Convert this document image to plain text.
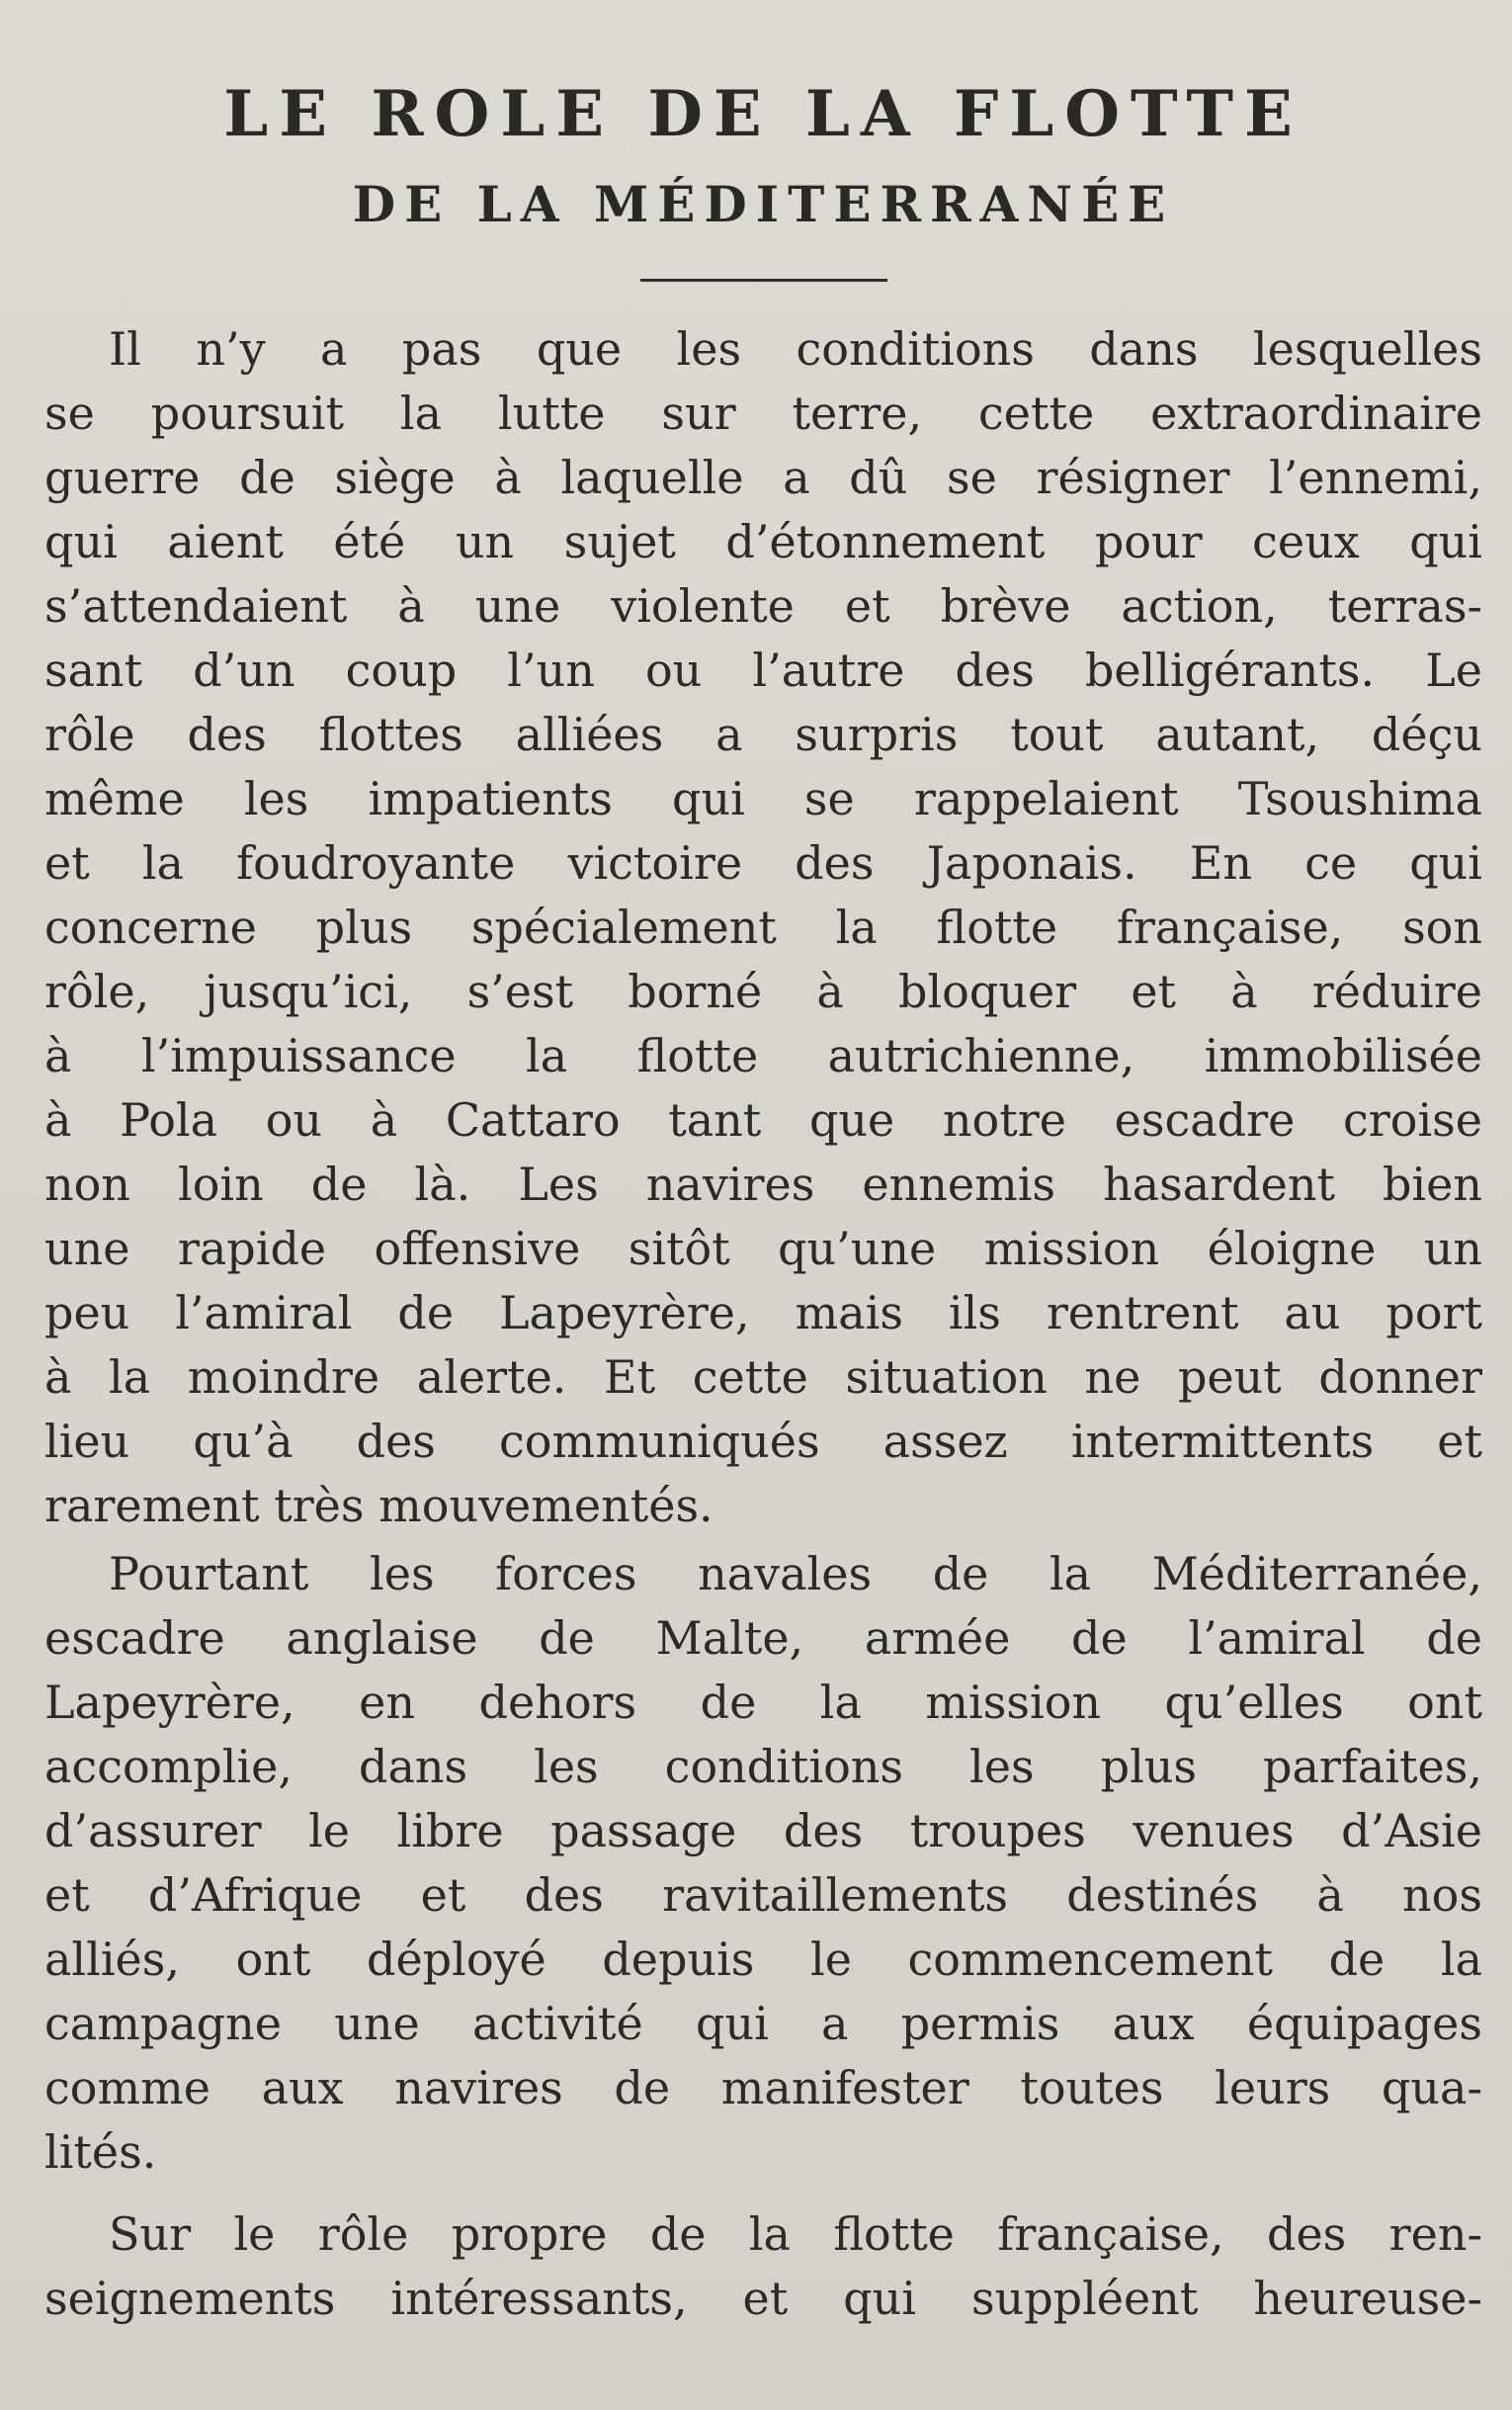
LE ROLE DE LA FLOTTE
DE LA MÉDITERRANÉE

Il n’y a pas que les conditions dans lesquelles
se poursuit la lutte sur terre, cette extraordinaire
guerre de siège à laquelle a dû se résigner l’ennemi,
qui aient été un sujet d’étonnement pour ceux qui
s’attendaient à une violente et brève action, terras-
sant d’un coup l’un ou l’autre des belligérants. Le
rôle des flottes alliées a surpris tout autant, déçu
même les impatients qui se rappelaient Tsoushima
et la foudroyante victoire des Japonais. En ce qui
concerne plus spécialement la flotte française, son
rôle, jusqu’ici, s’est borné à bloquer et à réduire
à l’impuissance la flotte autrichienne, immobilisée
à Pola ou à Cattaro tant que notre escadre croise
non loin de là. Les navires ennemis hasardent bien
une rapide offensive sitôt qu’une mission éloigne un
peu l’amiral de Lapeyrère, mais ils rentrent au port
à la moindre alerte. Et cette situation ne peut donner
lieu qu’à des communiqués assez intermittents et
rarement très mouvementés.

Pourtant les forces navales de la Méditerranée,
escadre anglaise de Malte, armée de l’amiral de
Lapeyrère, en dehors de la mission qu’elles ont
accomplie, dans les conditions les plus parfaites,
d’assurer le libre passage des troupes venues d’Asie
et d’Afrique et des ravitaillements destinés à nos
alliés, ont déployé depuis le commencement de la
campagne une activité qui a permis aux équipages
comme aux navires de manifester toutes leurs qua-
lités.

Sur le rôle propre de la flotte française, des ren-
seignements intéressants, et qui suppléent heureuse-
